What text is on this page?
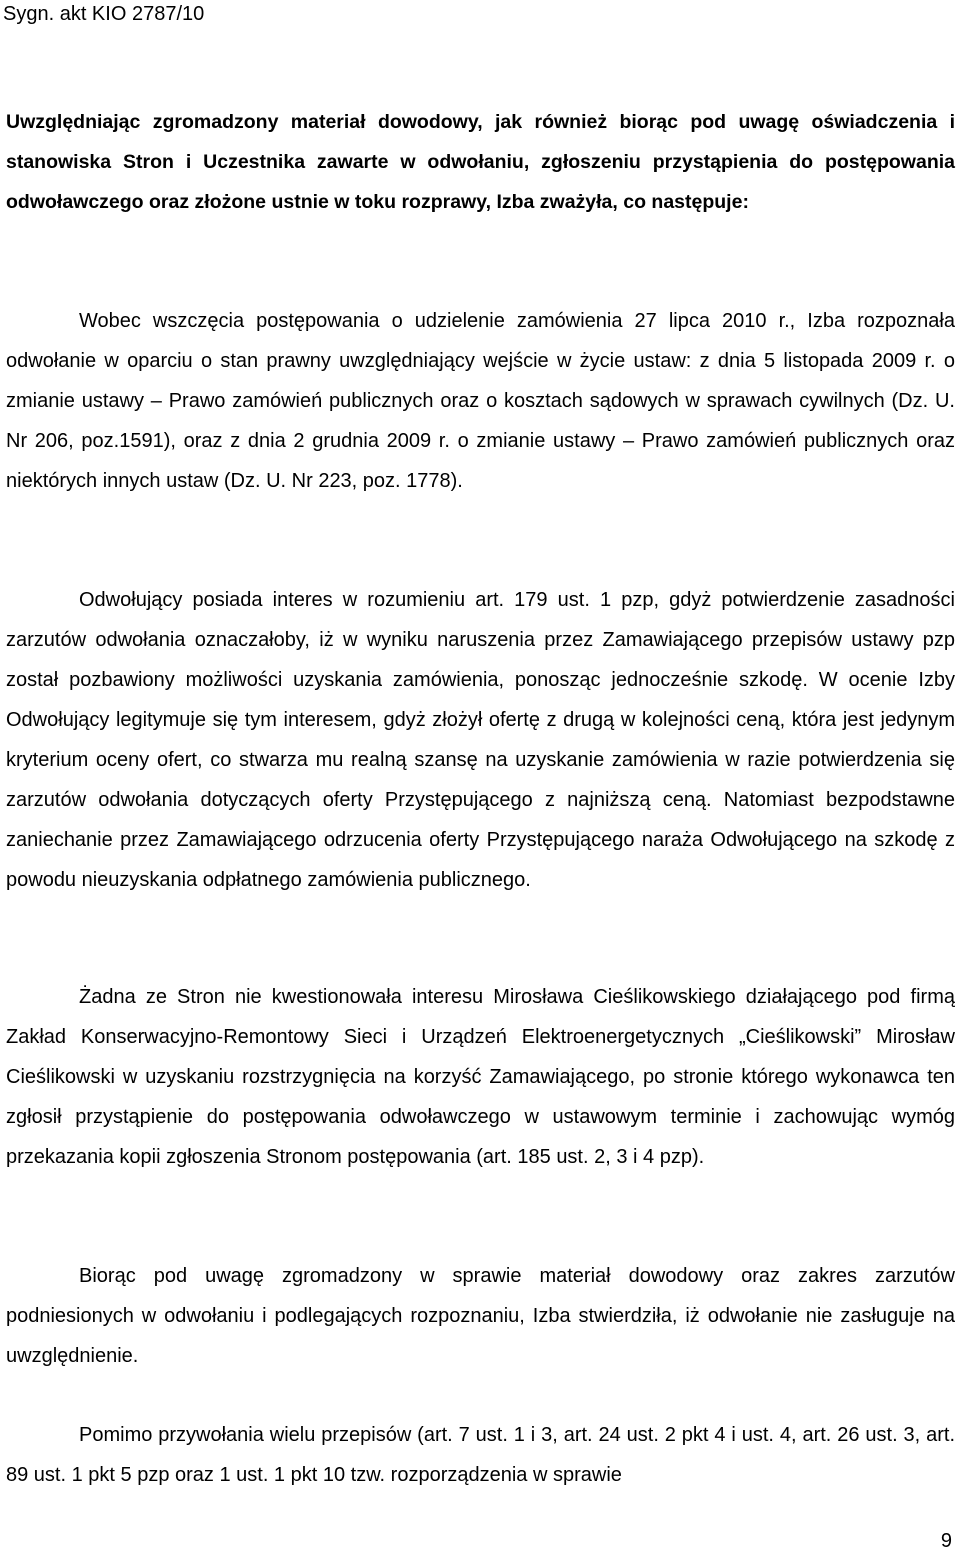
Sygn. akt KIO 2787/10

Uwzględniając zgromadzony materiał dowodowy, jak również biorąc pod uwagę oświadczenia i stanowiska Stron i Uczestnika zawarte w odwołaniu, zgłoszeniu przystąpienia do postępowania odwoławczego oraz złożone ustnie w toku rozprawy, Izba zważyła, co następuje:

Wobec wszczęcia postępowania o udzielenie zamówienia 27 lipca 2010 r., Izba rozpoznała odwołanie w oparciu o stan prawny uwzględniający wejście w życie ustaw: z dnia 5 listopada 2009 r. o zmianie ustawy – Prawo zamówień publicznych oraz o kosztach sądowych w sprawach cywilnych (Dz. U. Nr 206, poz.1591), oraz z dnia 2 grudnia 2009 r. o zmianie ustawy – Prawo zamówień publicznych oraz niektórych innych ustaw (Dz. U. Nr 223, poz. 1778).

Odwołujący posiada interes w rozumieniu art. 179 ust. 1 pzp, gdyż potwierdzenie zasadności zarzutów odwołania oznaczałoby, iż w wyniku naruszenia przez Zamawiającego przepisów ustawy pzp został pozbawiony możliwości uzyskania zamówienia, ponosząc jednocześnie szkodę. W ocenie Izby Odwołujący legitymuje się tym interesem, gdyż złożył ofertę z drugą w kolejności ceną, która jest jedynym kryterium oceny ofert, co stwarza mu realną szansę na uzyskanie zamówienia w razie potwierdzenia się zarzutów odwołania dotyczących oferty Przystępującego z najniższą ceną. Natomiast bezpodstawne zaniechanie przez Zamawiającego odrzucenia oferty Przystępującego naraża Odwołującego na szkodę z powodu nieuzyskania odpłatnego zamówienia publicznego.

Żadna ze Stron nie kwestionowała interesu Mirosława Cieślikowskiego działającego pod firmą Zakład Konserwacyjno-Remontowy Sieci i Urządzeń Elektroenergetycznych „Cieślikowski” Mirosław Cieślikowski w uzyskaniu rozstrzygnięcia na korzyść Zamawiającego, po stronie którego wykonawca ten zgłosił przystąpienie do postępowania odwoławczego w ustawowym terminie i zachowując wymóg przekazania kopii zgłoszenia Stronom postępowania (art. 185 ust. 2, 3 i 4 pzp).

Biorąc pod uwagę zgromadzony w sprawie materiał dowodowy oraz zakres zarzutów podniesionych w odwołaniu i podlegających rozpoznaniu, Izba stwierdziła, iż odwołanie nie zasługuje na uwzględnienie.

Pomimo przywołania wielu przepisów (art. 7 ust. 1 i 3, art. 24 ust. 2 pkt 4 i ust. 4, art. 26 ust. 3, art. 89 ust. 1 pkt 5 pzp oraz 1 ust. 1 pkt 10 tzw. rozporządzenia w sprawie

9
